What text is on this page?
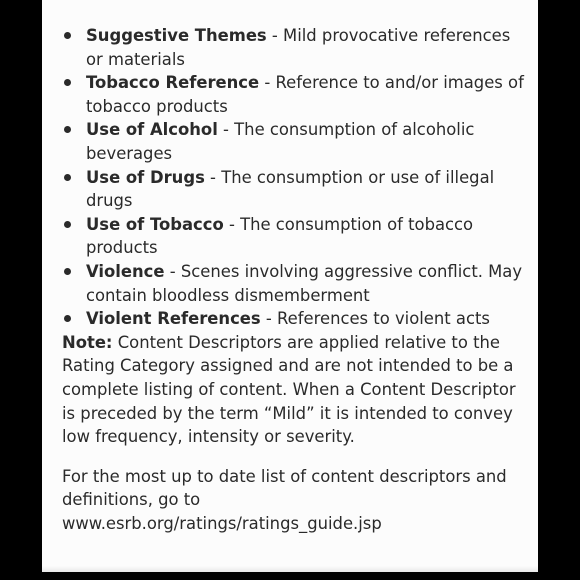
Suggestive Themes - Mild provocative references or materials
Tobacco Reference - Reference to and/or images of tobacco products
Use of Alcohol - The consumption of alcoholic beverages
Use of Drugs - The consumption or use of illegal drugs
Use of Tobacco - The consumption of tobacco products
Violence - Scenes involving aggressive conflict. May contain bloodless dismemberment
Violent References - References to violent acts

Note: Content Descriptors are applied relative to the Rating Category assigned and are not intended to be a complete listing of content. When a Content Descriptor is preceded by the term “Mild” it is intended to convey low frequency, intensity or severity.

For the most up to date list of content descriptors and definitions, go to
www.esrb.org/ratings/ratings_guide.jsp
